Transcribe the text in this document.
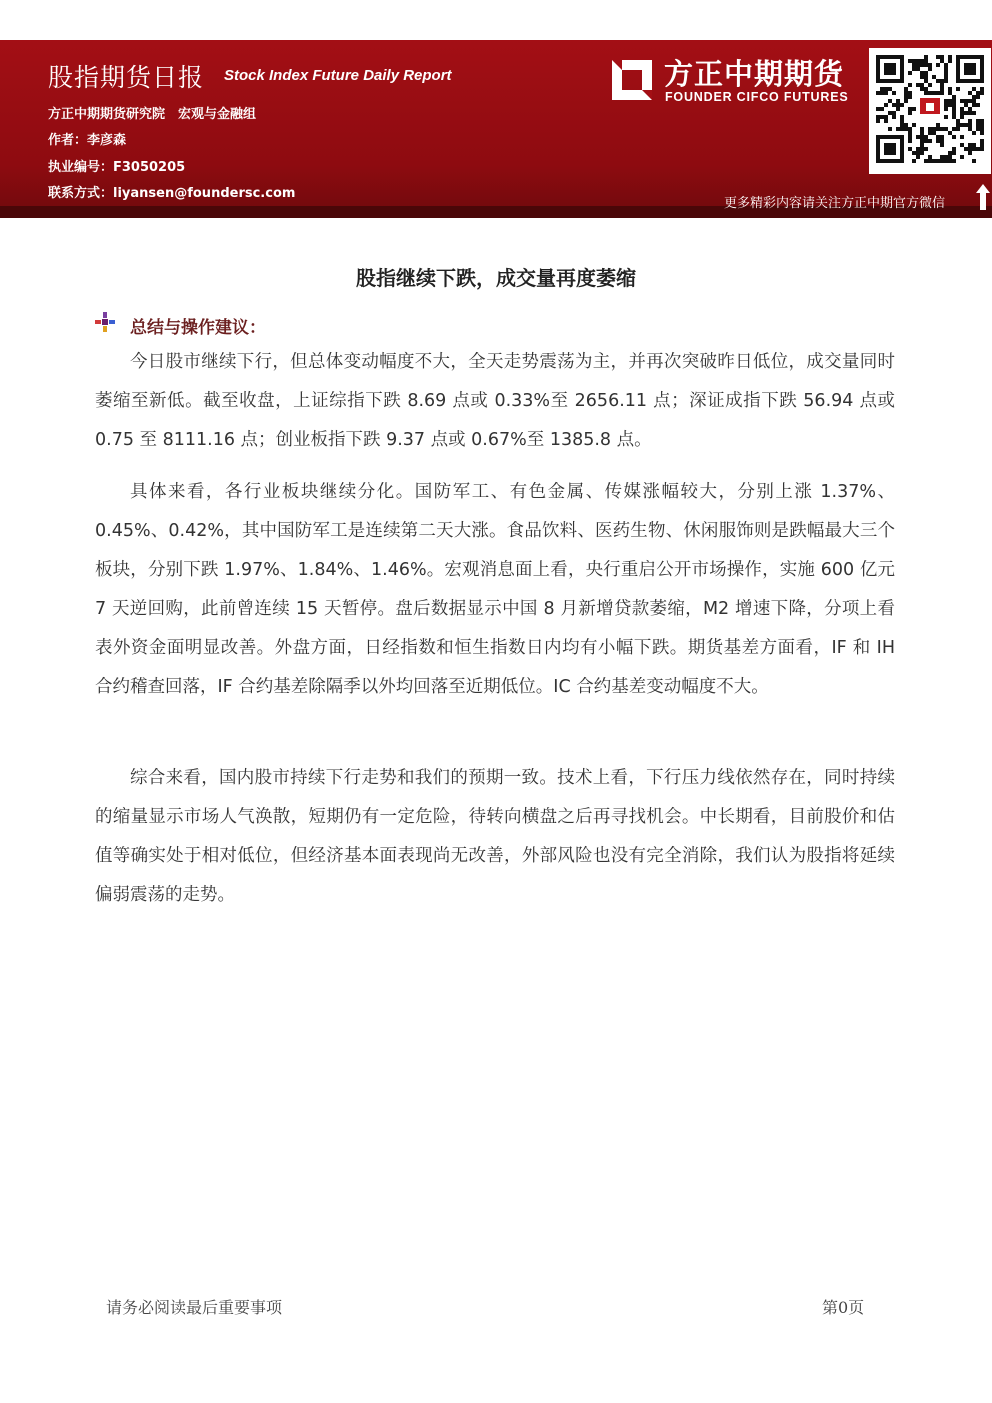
股指期货日报 Stock Index Future Daily Report
方正中期期货研究院　宏观与金融组
作者：李彦森
执业编号：F3050205
联系方式：liyansen@foundersc.com
方正中期期货
FOUNDER CIFCO FUTURES
更多精彩内容请关注方正中期官方微信
股指继续下跌，成交量再度萎缩
总结与操作建议：

今日股市继续下行，但总体变动幅度不大，全天走势震荡为主，并再次突破昨日低位，成交量同时萎缩至新低。截至收盘，上证综指下跌 8.69 点或 0.33%至 2656.11 点；深证成指下跌 56.94 点或 0.75 至 8111.16 点；创业板指下跌 9.37 点或 0.67%至 1385.8 点。

具体来看，各行业板块继续分化。国防军工、有色金属、传媒涨幅较大，分别上涨 1.37%、0.45%、0.42%，其中国防军工是连续第二天大涨。食品饮料、医药生物、休闲服饰则是跌幅最大三个板块，分别下跌 1.97%、1.84%、1.46%。宏观消息面上看，央行重启公开市场操作，实施 600 亿元 7 天逆回购，此前曾连续 15 天暂停。盘后数据显示中国 8 月新增贷款萎缩，M2 增速下降，分项上看表外资金面明显改善。外盘方面，日经指数和恒生指数日内均有小幅下跌。期货基差方面看，IF 和 IH 合约稽查回落，IF 合约基差除隔季以外均回落至近期低位。IC 合约基差变动幅度不大。

综合来看，国内股市持续下行走势和我们的预期一致。技术上看，下行压力线依然存在，同时持续的缩量显示市场人气涣散，短期仍有一定危险，待转向横盘之后再寻找机会。中长期看，目前股价和估值等确实处于相对低位，但经济基本面表现尚无改善，外部风险也没有完全消除，我们认为股指将延续偏弱震荡的走势。

请务必阅读最后重要事项	第0页
